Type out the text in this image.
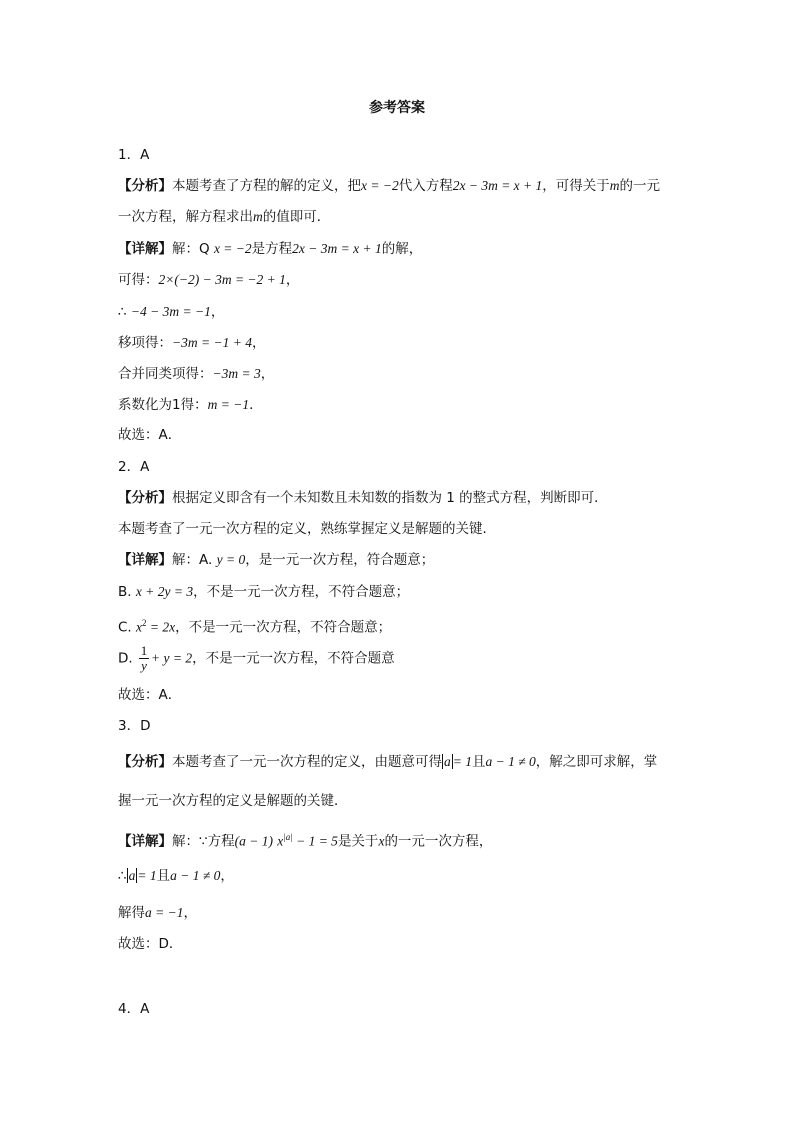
参考答案
1．A
【分析】本题考查了方程的解的定义，把x = −2代入方程2x − 3m = x + 1，可得关于m的一元
一次方程，解方程求出m的值即可．
【详解】解：Q x = −2是方程2x − 3m = x + 1的解，
可得：2×(−2) − 3m = −2 + 1，
∴ −4 − 3m = −1，
移项得：−3m = −1 + 4，
合并同类项得：−3m = 3，
系数化为1得：m = −1．
故选：A．
2．A
【分析】根据定义即含有一个未知数且未知数的指数为 1 的整式方程，判断即可．
本题考查了一元一次方程的定义，熟练掌握定义是解题的关键．
【详解】解：A. y = 0，是一元一次方程，符合题意；
B. x + 2y = 3，不是一元一次方程，不符合题意；
C. $x^2 = 2x$，不是一元一次方程，不符合题意；
D. $\frac{1}{y} + y = 2$，不是一元一次方程，不符合题意
故选：A．
3．D
【分析】本题考查了一元一次方程的定义，由题意可得 a = 1且a − 1 ≠ 0，解之即可求解，掌
握一元一次方程的定义是解题的关键．
【详解】解：∵方程(a − 1) $x^{|a|} - 1 = 5$是关于x的一元一次方程，
∴ a = 1且a − 1 ≠ 0，
解得a = −1，
故选：D．
4．A
